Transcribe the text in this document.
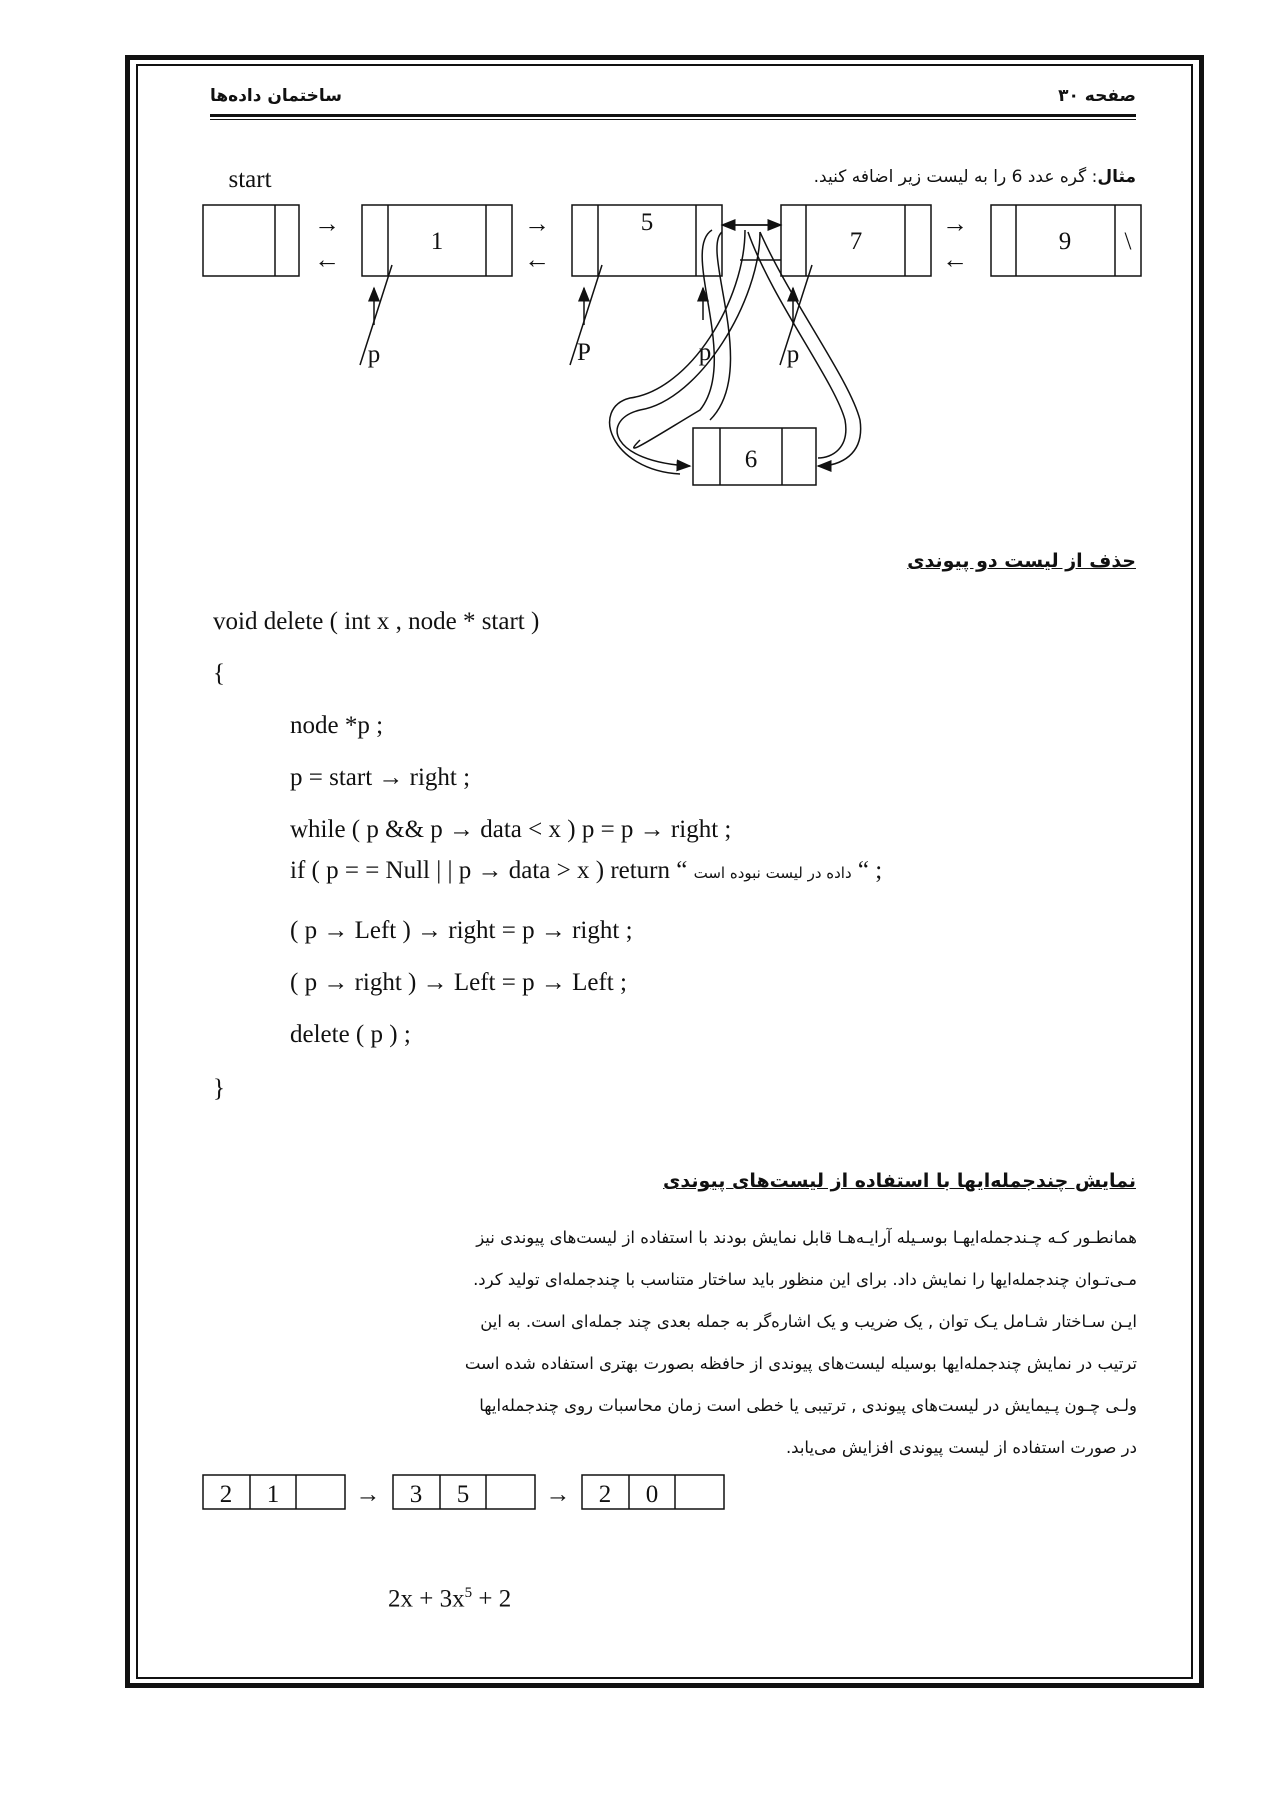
ساختمان داده‌ها	صفحه ۳۰
مثال: گره عدد 6 را به لیست زیر اضافه کنید.
→
←
→
←
→
←
start
1
5
7	9 \
6
p	P	p	p
حذف از لیست دو پیوندی
void delete ( int x , node * start )
{
node *p ;
p = start → right ;
while ( p && p → data < x ) p = p → right ;
if ( p = = Null | | p → data > x ) return “ داده در لیست نبوده است “ ;
( p → Left ) → right = p → right ;
( p → right ) → Left = p → Left ;
delete ( p ) ;
}
نمایش چندجمله‌ایها با استفاده از لیست‌های پیوندی

همانطـور کـه چـندجمله‌ایهـا بوسـیله آرایـه‌هـا قابل نمایش بودند با استفاده از لیست‌های پیوندی نیز

مـی‌تـوان چندجمله‌ایها را نمایش داد. برای این منظور باید ساختار متناسب با چندجمله‌ای تولید کرد.

ایـن سـاختار شـامل یـک توان , یک ضریب و یک اشاره‌گر به جمله بعدی چند جمله‌ای است. به این

ترتیب در نمایش چندجمله‌ایها بوسیله لیست‌های پیوندی از حافظه بصورت بهتری استفاده شده است

ولـی چـون پـیمایش در لیست‌های پیوندی , ترتیبی یا خطی است زمان محاسبات روی چندجمله‌ایها

در صورت استفاده از لیست پیوندی افزایش می‌یابد.

2 1	3 5	2 0
→	→
$2x + 3x^5 + 2$
